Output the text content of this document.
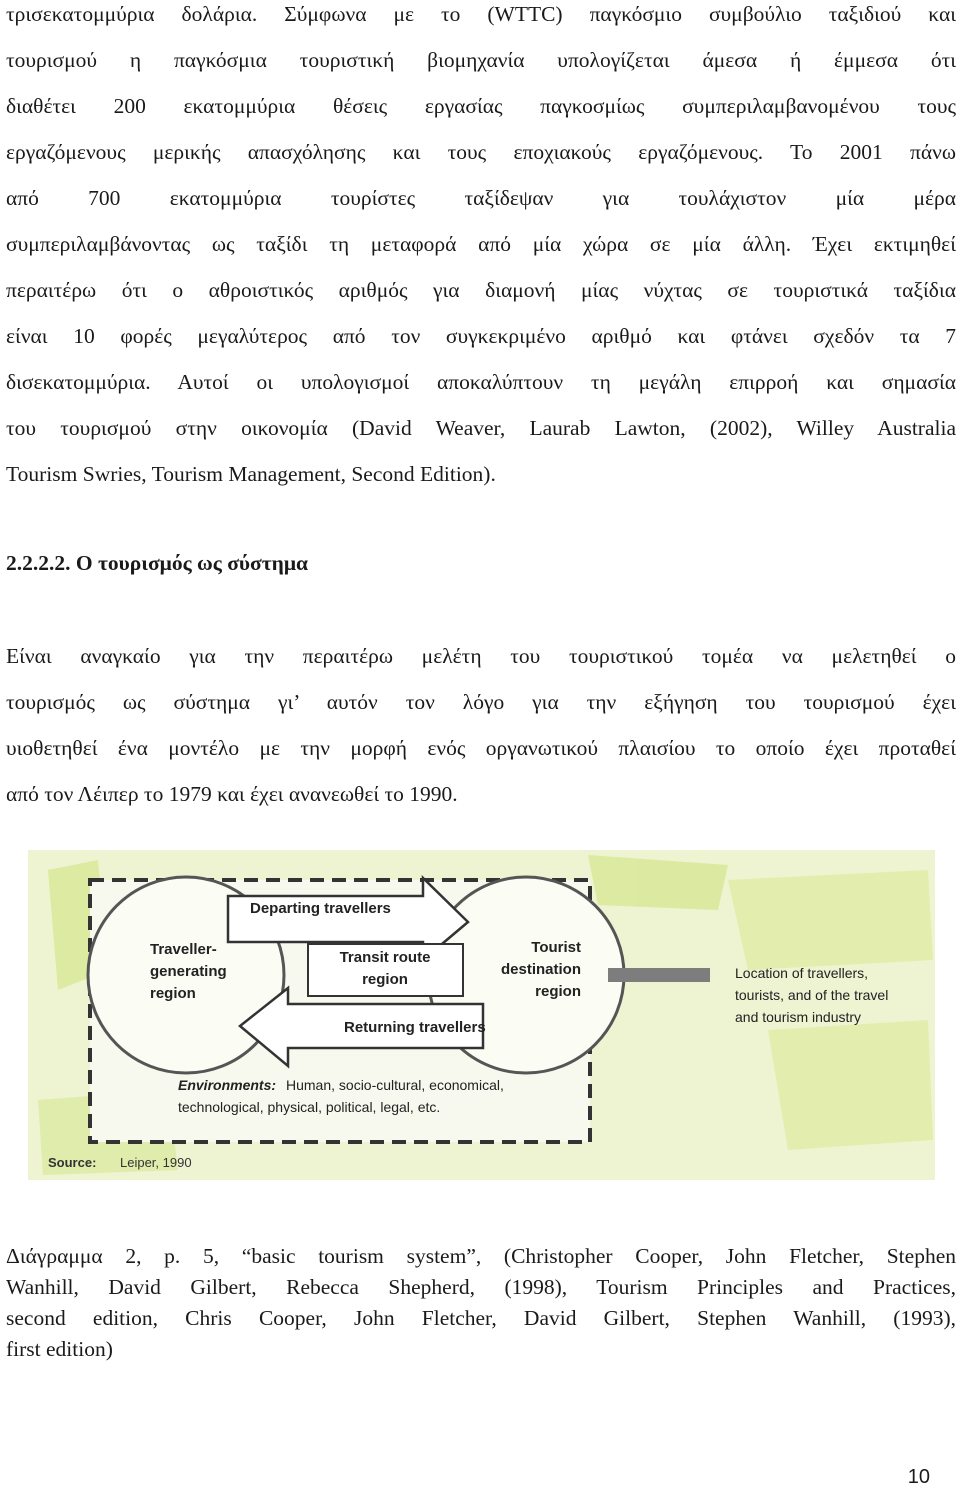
τρισεκατομμύρια δολάρια. Σύμφωνα με το (WTTC) παγκόσμιο συμβούλιο ταξιδιού και
τουρισμού η παγκόσμια τουριστική βιομηχανία υπολογίζεται άμεσα ή έμμεσα ότι
διαθέτει 200 εκατομμύρια θέσεις εργασίας παγκοσμίως συμπεριλαμβανομένου τους
εργαζόμενους μερικής απασχόλησης και τους εποχιακούς εργαζόμενους. Το 2001 πάνω
από 700 εκατομμύρια τουρίστες ταξίδεψαν για τουλάχιστον μία μέρα
συμπεριλαμβάνοντας ως ταξίδι τη μεταφορά από μία χώρα σε μία άλλη. Έχει εκτιμηθεί
περαιτέρω ότι ο αθροιστικός αριθμός για διαμονή μίας νύχτας σε τουριστικά ταξίδια
είναι 10 φορές μεγαλύτερος από τον συγκεκριμένο αριθμό και φτάνει σχεδόν τα 7
δισεκατομμύρια. Αυτοί οι υπολογισμοί αποκαλύπτουν τη μεγάλη επιρροή και σημασία
του τουρισμού στην οικονομία (David Weaver, Laurab Lawton, (2002), Willey Australia
Tourism Swries, Tourism Management, Second Edition).
2.2.2.2. Ο τουρισμός ως σύστημα
Είναι αναγκαίο για την περαιτέρω μελέτη του τουριστικού τομέα να μελετηθεί ο
τουρισμός ως σύστημα γι’ αυτόν τον λόγο για την εξήγηση του τουρισμού έχει
υιοθετηθεί ένα μοντέλο με την μορφή ενός οργανωτικού πλαισίου το οποίο έχει προταθεί
από τον Λέιπερ το 1979 και έχει ανανεωθεί το 1990.
Departing travellers
Returning travellers
Transit route
region
Traveller-
generating
region
Tourist
destination
region
Location of travellers,
tourists, and of the travel
and tourism industry
Environments: Human, socio-cultural, economical,
technological, physical, political, legal, etc.
Source: Leiper, 1990
Διάγραμμα 2, p. 5, “basic tourism system”, (Christopher Cooper, John Fletcher, Stephen
Wanhill, David Gilbert, Rebecca Shepherd, (1998), Tourism Principles and Practices,
second edition, Chris Cooper, John Fletcher, David Gilbert, Stephen Wanhill, (1993),
first edition)
10
